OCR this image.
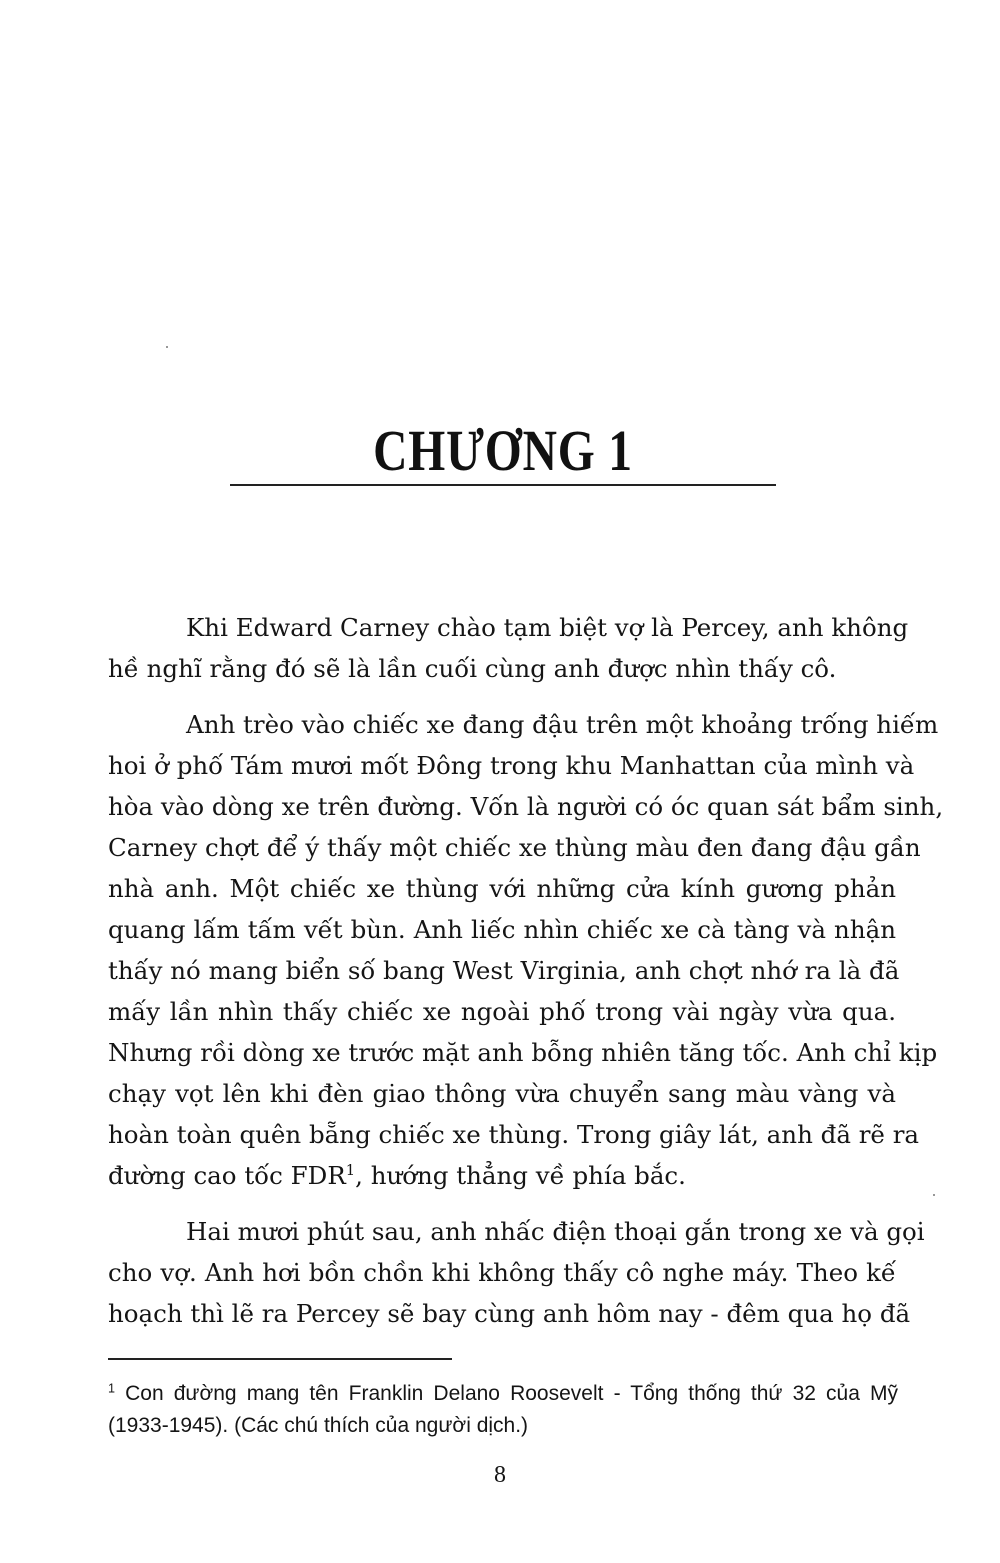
CHƯƠNG 1

Khi Edward Carney chào tạm biệt vợ là Percey, anh không
hề nghĩ rằng đó sẽ là lần cuối cùng anh được nhìn thấy cô.

Anh trèo vào chiếc xe đang đậu trên một khoảng trống hiếm
hoi ở phố Tám mươi mốt Đông trong khu Manhattan của mình và
hòa vào dòng xe trên đường. Vốn là người có óc quan sát bẩm sinh,
Carney chợt để ý thấy một chiếc xe thùng màu đen đang đậu gần
nhà anh. Một chiếc xe thùng với những cửa kính gương phản
quang lấm tấm vết bùn. Anh liếc nhìn chiếc xe cà tàng và nhận
thấy nó mang biển số bang West Virginia, anh chợt nhớ ra là đã
mấy lần nhìn thấy chiếc xe ngoài phố trong vài ngày vừa qua.
Nhưng rồi dòng xe trước mặt anh bỗng nhiên tăng tốc. Anh chỉ kịp
chạy vọt lên khi đèn giao thông vừa chuyển sang màu vàng và
hoàn toàn quên bẵng chiếc xe thùng. Trong giây lát, anh đã rẽ ra
đường cao tốc FDR$^1$, hướng thẳng về phía bắc.

Hai mươi phút sau, anh nhấc điện thoại gắn trong xe và gọi
cho vợ. Anh hơi bồn chồn khi không thấy cô nghe máy. Theo kế
hoạch thì lẽ ra Percey sẽ bay cùng anh hôm nay - đêm qua họ đã

$^1$ Con đường mang tên Franklin Delano Roosevelt - Tổng thống thứ 32 của Mỹ
(1933-1945). (Các chú thích của người dịch.)

8
